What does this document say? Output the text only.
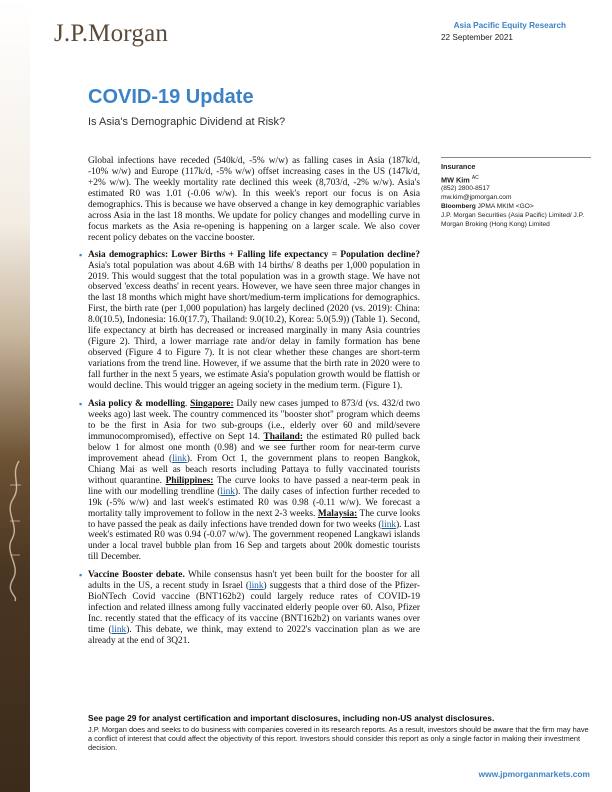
J.P.Morgan	Asia Pacific Equity Research
22 September 2021
COVID-19 Update
Is Asia's Demographic Dividend at Risk?

Global infections have receded (540k/d, -5% w/w) as falling cases in Asia (187k/d, -10% w/w) and Europe (117k/d, -5% w/w) offset increasing cases in the US (147k/d, +2% w/w). The weekly mortality rate declined this week (8,703/d, -2% w/w). Asia's estimated R0 was 1.01 (-0.06 w/w). In this week's report our focus is on Asia demographics. This is because we have observed a change in key demographic variables across Asia in the last 18 months. We update for policy changes and modelling curve in focus markets as the Asia re-opening is happening on a larger scale. We also cover recent policy debates on the vaccine booster.

▪ Asia demographics: Lower Births + Falling life expectancy = Population decline? Asia's total population was about 4.6B with 14 births/ 8 deaths per 1,000 population in 2019. This would suggest that the total population was in a growth stage. We have not observed 'excess deaths' in recent years. However, we have seen three major changes in the last 18 months which might have short/medium-term implications for demographics. First, the birth rate (per 1,000 population) has largely declined (2020 (vs. 2019): China: 8.0(10.5), Indonesia: 16.0(17.7), Thailand: 9.0(10.2), Korea: 5.0(5.9)) (Table 1). Second, life expectancy at birth has decreased or increased marginally in many Asia countries (Figure 2). Third, a lower marriage rate and/or delay in family formation has bene observed (Figure 4 to Figure 7). It is not clear whether these changes are short-term variations from the trend line. However, if we assume that the birth rate in 2020 were to fall further in the next 5 years, we estimate Asia's population growth would be flattish or would decline. This would trigger an ageing society in the medium term. (Figure 1).
▪ Asia policy & modelling. Singapore: Daily new cases jumped to 873/d (vs. 432/d two weeks ago) last week. The country commenced its "booster shot" program which deems to be the first in Asia for two sub-groups (i.e., elderly over 60 and mild/severe immunocompromised), effective on Sept 14. Thailand: the estimated R0 pulled back below 1 for almost one month (0.98) and we see further room for near-term curve improvement ahead (link). From Oct 1, the government plans to reopen Bangkok, Chiang Mai as well as beach resorts including Pattaya to fully vaccinated tourists without quarantine. Philippines: The curve looks to have passed a near-term peak in line with our modelling trendline (link). The daily cases of infection further receded to 19k (-5% w/w) and last week's estimated R0 was 0.98 (-0.11 w/w). We forecast a mortality tally improvement to follow in the next 2-3 weeks. Malaysia: The curve looks to have passed the peak as daily infections have trended down for two weeks (link). Last week's estimated R0 was 0.94 (-0.07 w/w). The government reopened Langkawi islands under a local travel bubble plan from 16 Sep and targets about 200k domestic tourists till December.
▪ Vaccine Booster debate. While consensus hasn't yet been built for the booster for all adults in the US, a recent study in Israel (link) suggests that a third dose of the Pfizer-BioNTech Covid vaccine (BNT162b2) could largely reduce rates of COVID-19 infection and related illness among fully vaccinated elderly people over 60. Also, Pfizer Inc. recently stated that the efficacy of its vaccine (BNT162b2) on variants wanes over time (link). This debate, we think, may extend to 2022's vaccination plan as we are already at the end of 3Q21.
Insurance
MW Kim $^{AC}$
(852) 2800-8517
mw.kim@jpmorgan.com
Bloomberg JPMA MKIM <GO>
J.P. Morgan Securities (Asia Pacific) Limited/ J.P. Morgan Broking (Hong Kong) Limited
See page 29 for analyst certification and important disclosures, including non-US analyst disclosures.
J.P. Morgan does and seeks to do business with companies covered in its research reports. As a result, investors should be aware that the firm may have a conflict of interest that could affect the objectivity of this report. Investors should consider this report as only a single factor in making their investment decision.
www.jpmorganmarkets.com
